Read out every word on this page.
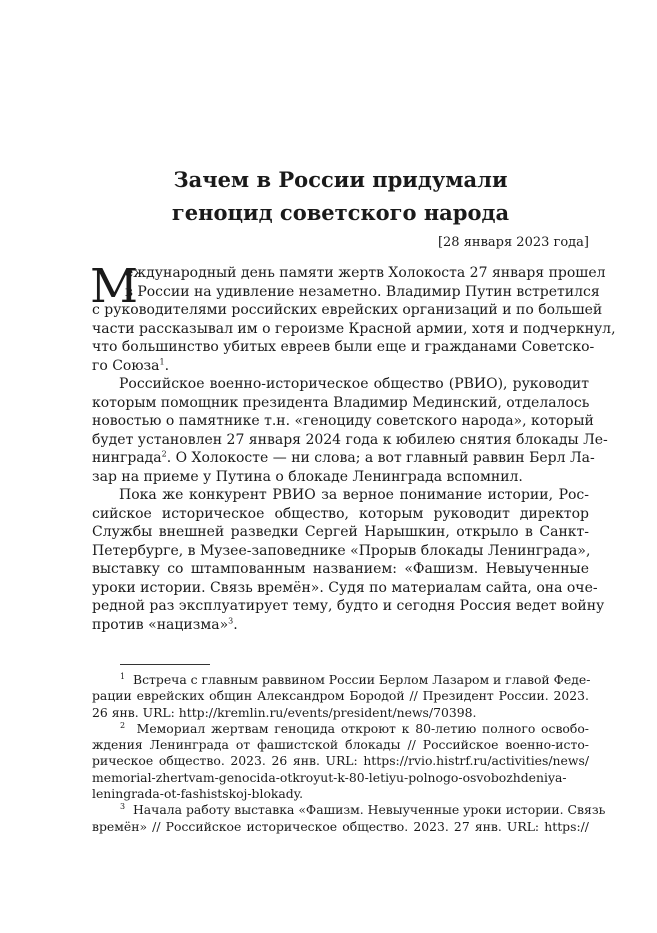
Зачем в России придумали
геноцид советского народа
[28 января 2023 года]
М
еждународный день памяти жертв Холокоста 27 января прошел
в России на удивление незаметно. Владимир Путин встретился
с руководителями российских еврейских организаций и по большей
части рассказывал им о героизме Красной армии, хотя и подчеркнул,
что большинство убитых евреев были еще и гражданами Советско-
го Союза$^1$.
Российское военно-историческое общество (РВИО), руководит
которым помощник президента Владимир Мединский, отделалось
новостью о памятнике т.н. «геноциду советского народа», который
будет установлен 27 января 2024 года к юбилею снятия блокады Ле-
нинграда$^2$. О Холокосте — ни слова; а вот главный раввин Берл Ла-
зар на приеме у Путина о блокаде Ленинграда вспомнил.
Пока же конкурент РВИО за верное понимание истории, Рос-
сийское историческое общество, которым руководит директор
Службы внешней разведки Сергей Нарышкин, открыло в Санкт-
Петербурге, в Музее-заповеднике «Прорыв блокады Ленинграда»,
выставку со штампованным названием: «Фашизм. Невыученные
уроки истории. Связь времён». Судя по материалам сайта, она оче-
редной раз эксплуатирует тему, будто и сегодня Россия ведет войну
против «нацизма»$^3$.
$^1$ Встреча с главным раввином России Берлом Лазаром и главой Феде-
рации еврейских общин Александром Бородой // Президент России. 2023.
26 янв. URL: http://kremlin.ru/events/president/news/70398.
$^2$ Мемориал жертвам геноцида откроют к 80-летию полного освобо-
ждения Ленинграда от фашистской блокады // Российское военно-исто-
рическое общество. 2023. 26 янв. URL: https://rvio.histrf.ru/activities/news/
memorial-zhertvam-genocida-otkroyut-k-80-letiyu-polnogo-osvobozhdeniya-
leningrada-ot-fashistskoj-blokady.
$^3$ Начала работу выставка «Фашизм. Невыученные уроки истории. Связь
времён» // Российское историческое общество. 2023. 27 янв. URL: https://
